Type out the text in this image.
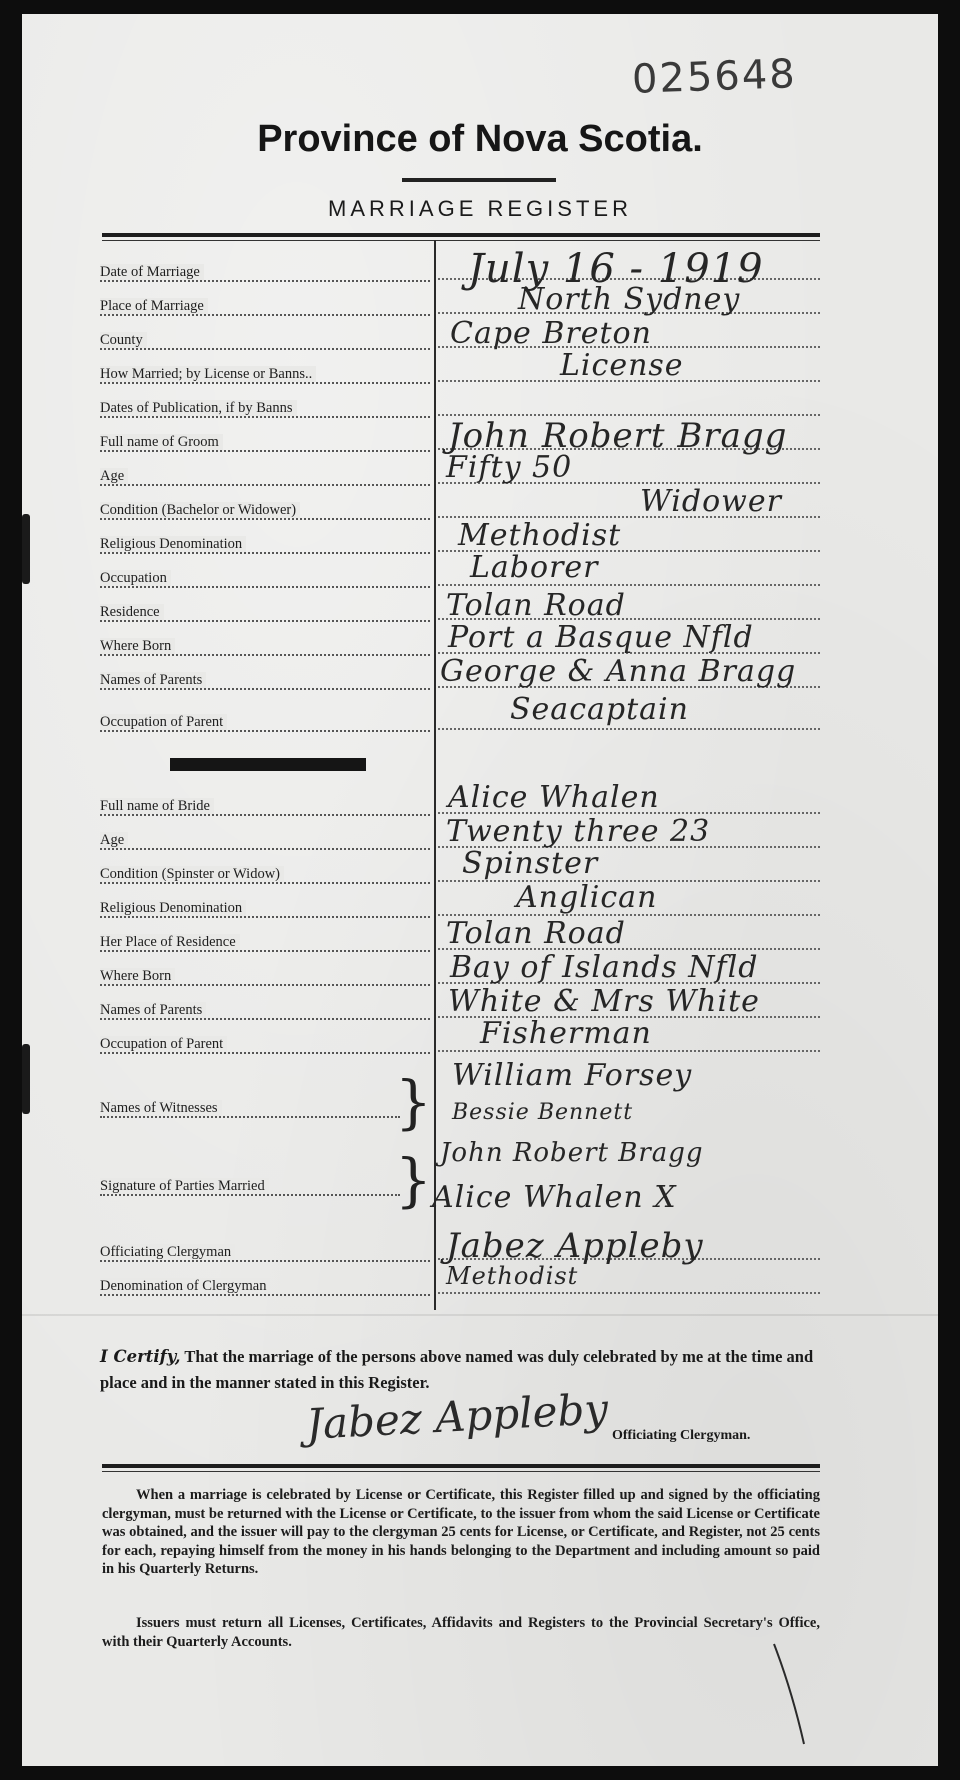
025648
Province of Nova Scotia.
MARRIAGE REGISTER
Date of Marriage	July 16 - 1919
Place of Marriage	North Sydney
County	Cape Breton
How Married; by License or Banns..	License
Dates of Publication, if by Banns
Full name of Groom	John Robert Bragg
Age	Fifty 50
Condition (Bachelor or Widower)	Widower
Religious Denomination	Methodist
Occupation	Laborer
Residence	Tolan Road
Where Born	Port a Basque Nfld
Names of Parents	George & Anna Bragg
Occupation of Parent	Seacaptain
Full name of Bride	Alice Whalen
Age	Twenty three 23
Condition (Spinster or Widow)	Spinster
Religious Denomination	Anglican
Her Place of Residence	Tolan Road
Where Born	Bay of Islands Nfld
Names of Parents	White & Mrs White
Occupation of Parent	Fisherman
Names of Witnesses	} William Forsey
Bessie Bennett
Signature of Parties Married	} John Robert Bragg
Alice Whalen X
Officiating Clergyman	Jabez Appleby
Denomination of Clergyman	Methodist
I Certify, That the marriage of the persons above named was duly celebrated by me at the time and place and in the manner stated in this Register.
Jabez Appleby Officiating Clergyman.
When a marriage is celebrated by License or Certificate, this Register filled up and signed by the officiating clergyman, must be returned with the License or Certificate, to the issuer from whom the said License or Certificate was obtained, and the issuer will pay to the clergyman 25 cents for License, or Certificate, and Register, not 25 cents for each, repaying himself from the money in his hands belonging to the Department and including amount so paid in his Quarterly Returns.
Issuers must return all Licenses, Certificates, Affidavits and Registers to the Provincial Secretary's Office, with their Quarterly Accounts.
